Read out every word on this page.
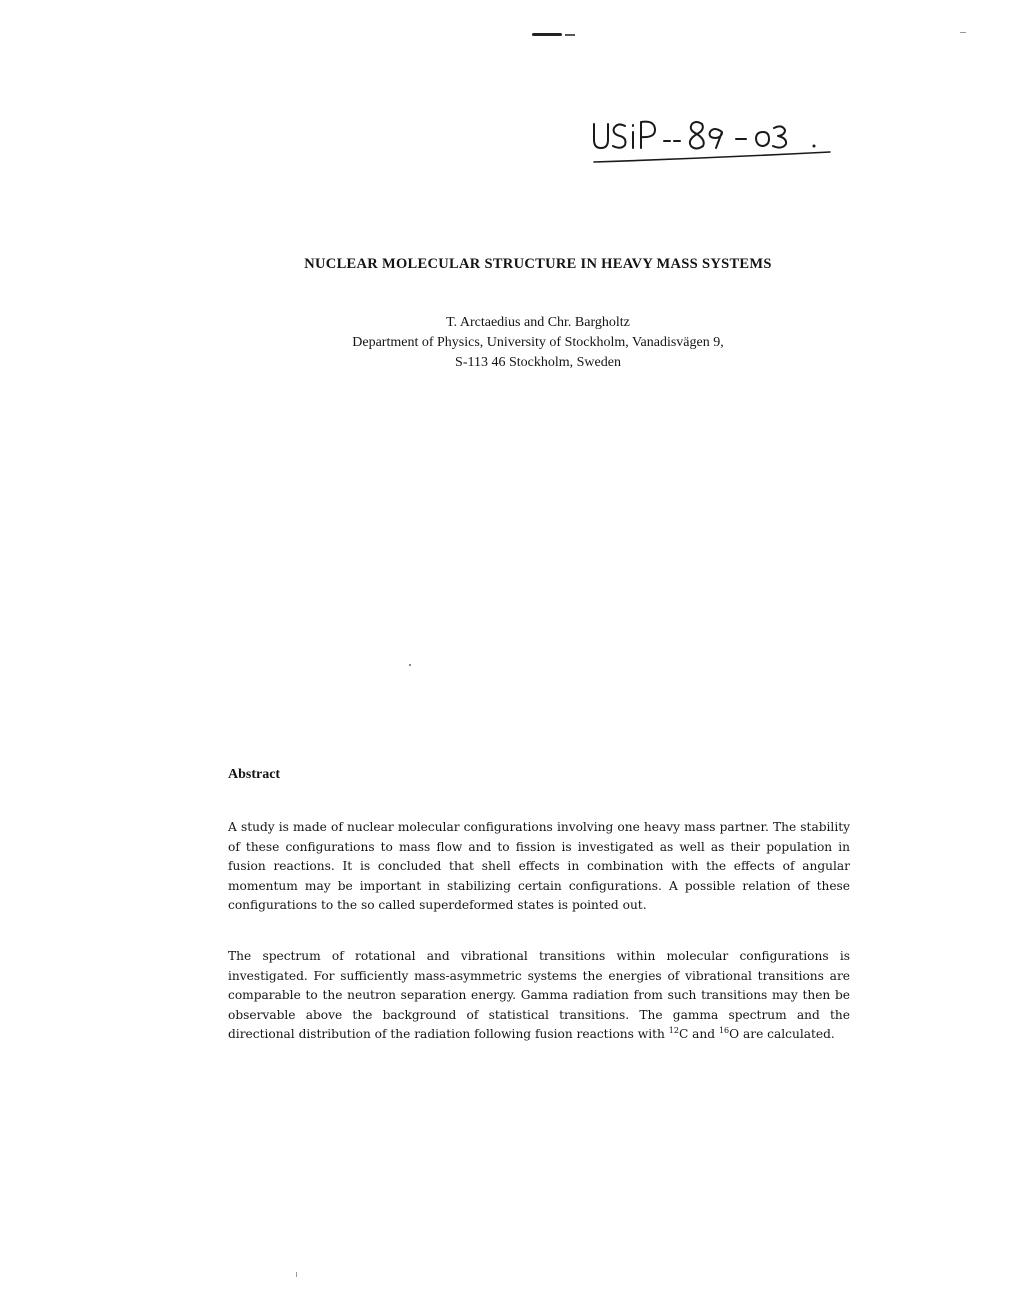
NUCLEAR MOLECULAR STRUCTURE IN HEAVY MASS SYSTEMS
T. Arctaedius and Chr. Bargholtz
Department of Physics, University of Stockholm, Vanadisvägen 9,
S-113 46 Stockholm, Sweden
Abstract
A study is made of nuclear molecular configurations involving one heavy mass partner. The stability of these configurations to mass flow and to fission is investigated as well as their population in fusion reactions. It is concluded that shell effects in combination with the effects of angular momentum may be important in stabilizing certain configurations. A possible relation of these configurations to the so called superdeformed states is pointed out.
The spectrum of rotational and vibrational transitions within molecular configurations is investigated. For sufficiently mass-asymmetric systems the energies of vibrational transitions are comparable to the neutron separation energy. Gamma radiation from such transitions may then be observable above the background of statistical transitions. The gamma spectrum and the directional distribution of the radiation following fusion reactions with $^{12}$C and $^{16}$O are calculated.
